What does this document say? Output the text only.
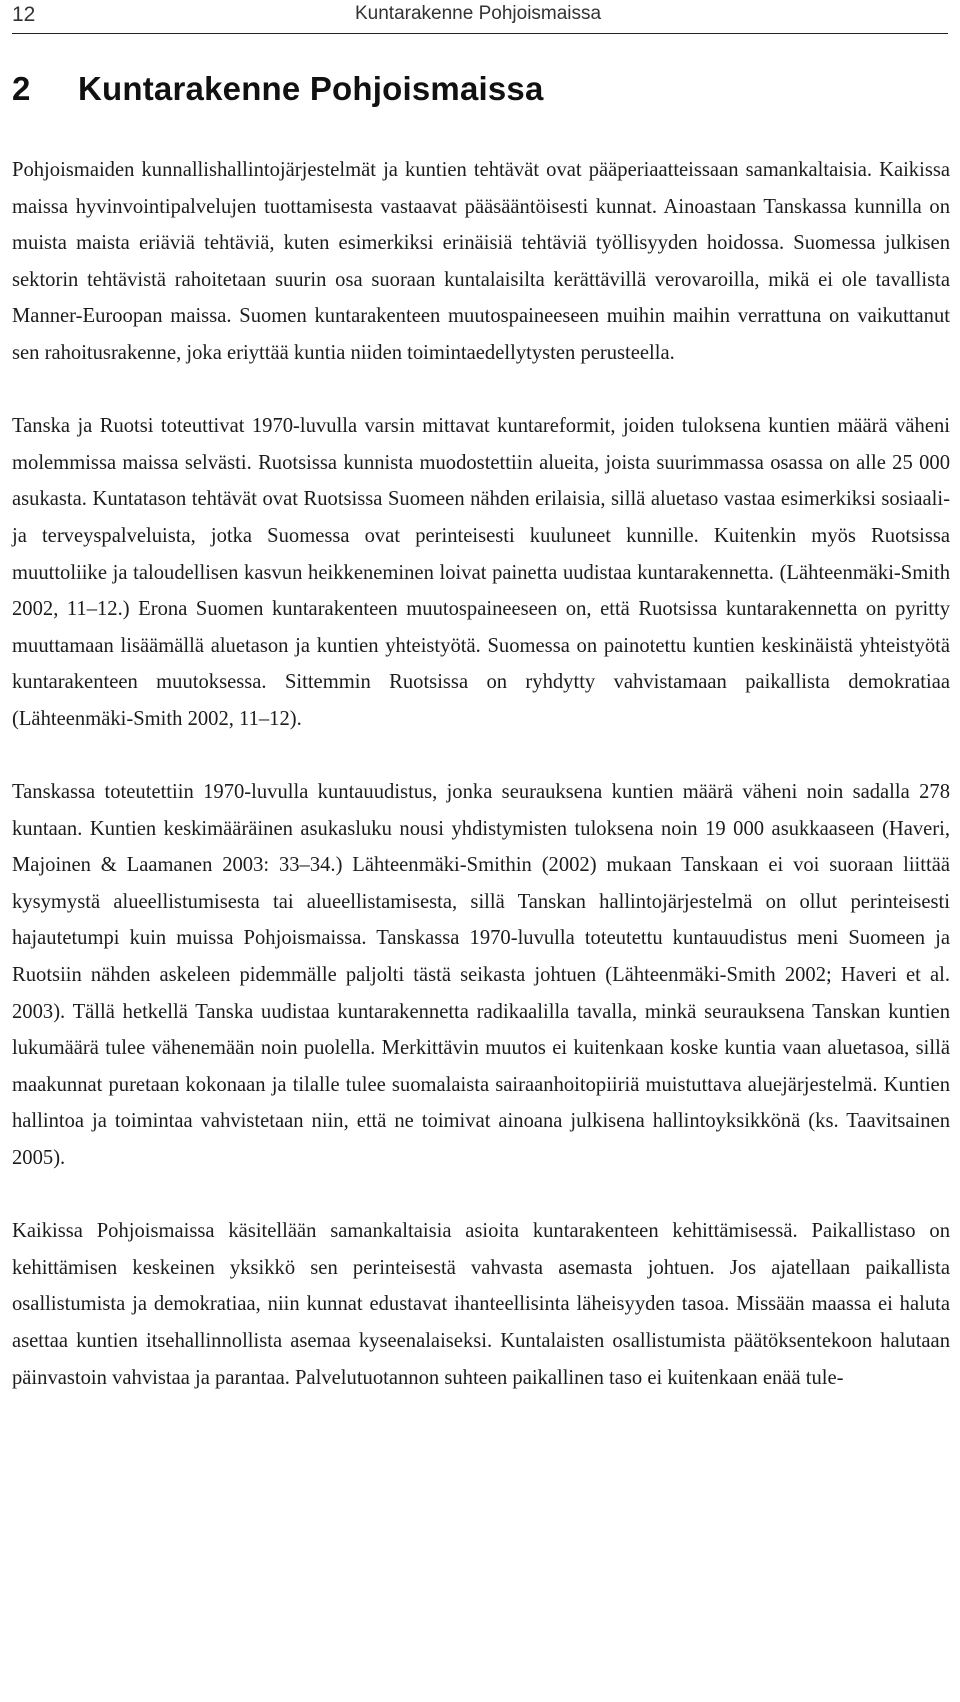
12	Kuntarakenne Pohjoismaissa
2 Kuntarakenne Pohjoismaissa

Pohjoismaiden kunnallishallintojärjestelmät ja kuntien tehtävät ovat pääperiaatteissaan samankaltaisia. Kaikissa maissa hyvinvointipalvelujen tuottamisesta vastaavat pääsääntöisesti kunnat. Ainoastaan Tanskassa kunnilla on muista maista eriäviä tehtäviä, kuten esimerkiksi erinäisiä tehtäviä työllisyyden hoidossa. Suomessa julkisen sektorin tehtävistä rahoitetaan suurin osa suoraan kuntalaisilta kerättävillä verovaroilla, mikä ei ole tavallista Manner-Euroopan maissa. Suomen kuntarakenteen muutospaineeseen muihin maihin verrattuna on vaikuttanut sen rahoitusrakenne, joka eriyttää kuntia niiden toimintaedellytysten perusteella.

Tanska ja Ruotsi toteuttivat 1970-luvulla varsin mittavat kuntareformit, joiden tuloksena kuntien määrä väheni molemmissa maissa selvästi. Ruotsissa kunnista muodostettiin alueita, joista suurimmassa osassa on alle 25 000 asukasta. Kuntatason tehtävät ovat Ruotsissa Suomeen nähden erilaisia, sillä aluetaso vastaa esimerkiksi sosiaali- ja terveyspalveluista, jotka Suomessa ovat perinteisesti kuuluneet kunnille. Kuitenkin myös Ruotsissa muuttoliike ja taloudellisen kasvun heikkeneminen loivat painetta uudistaa kuntarakennetta. (Lähteenmäki-Smith 2002, 11–12.) Erona Suomen kuntarakenteen muutospaineeseen on, että Ruotsissa kuntarakennetta on pyritty muuttamaan lisäämällä aluetason ja kuntien yhteistyötä. Suomessa on painotettu kuntien keskinäistä yhteistyötä kuntarakenteen muutoksessa. Sittemmin Ruotsissa on ryhdytty vahvistamaan paikallista demokratiaa (Lähteenmäki-Smith 2002, 11–12).

Tanskassa toteutettiin 1970-luvulla kuntauudistus, jonka seurauksena kuntien määrä väheni noin sadalla 278 kuntaan. Kuntien keskimääräinen asukasluku nousi yhdistymisten tuloksena noin 19 000 asukkaaseen (Haveri, Majoinen & Laamanen 2003: 33–34.) Lähteenmäki-Smithin (2002) mukaan Tanskaan ei voi suoraan liittää kysymystä alueellistumisesta tai alueellistamisesta, sillä Tanskan hallintojärjestelmä on ollut perinteisesti hajautetumpi kuin muissa Pohjoismaissa. Tanskassa 1970-luvulla toteutettu kuntauudistus meni Suomeen ja Ruotsiin nähden askeleen pidemmälle paljolti tästä seikasta johtuen (Lähteenmäki-Smith 2002; Haveri et al. 2003). Tällä hetkellä Tanska uudistaa kuntarakennetta radikaalilla tavalla, minkä seurauksena Tanskan kuntien lukumäärä tulee vähenemään noin puolella. Merkittävin muutos ei kuitenkaan koske kuntia vaan aluetasoa, sillä maakunnat puretaan kokonaan ja tilalle tulee suomalaista sairaanhoitopiiriä muistuttava aluejärjestelmä. Kuntien hallintoa ja toimintaa vahvistetaan niin, että ne toimivat ainoana julkisena hallintoyksikkönä (ks. Taavitsainen 2005).

Kaikissa Pohjoismaissa käsitellään samankaltaisia asioita kuntarakenteen kehittämisessä. Paikallistaso on kehittämisen keskeinen yksikkö sen perinteisestä vahvasta asemasta johtuen. Jos ajatellaan paikallista osallistumista ja demokratiaa, niin kunnat edustavat ihanteellisinta läheisyyden tasoa. Missään maassa ei haluta asettaa kuntien itsehallinnollista asemaa kyseenalaiseksi. Kuntalaisten osallistumista päätöksentekoon halutaan päinvastoin vahvistaa ja parantaa. Palvelutuotannon suhteen paikallinen taso ei kuitenkaan enää tule-
